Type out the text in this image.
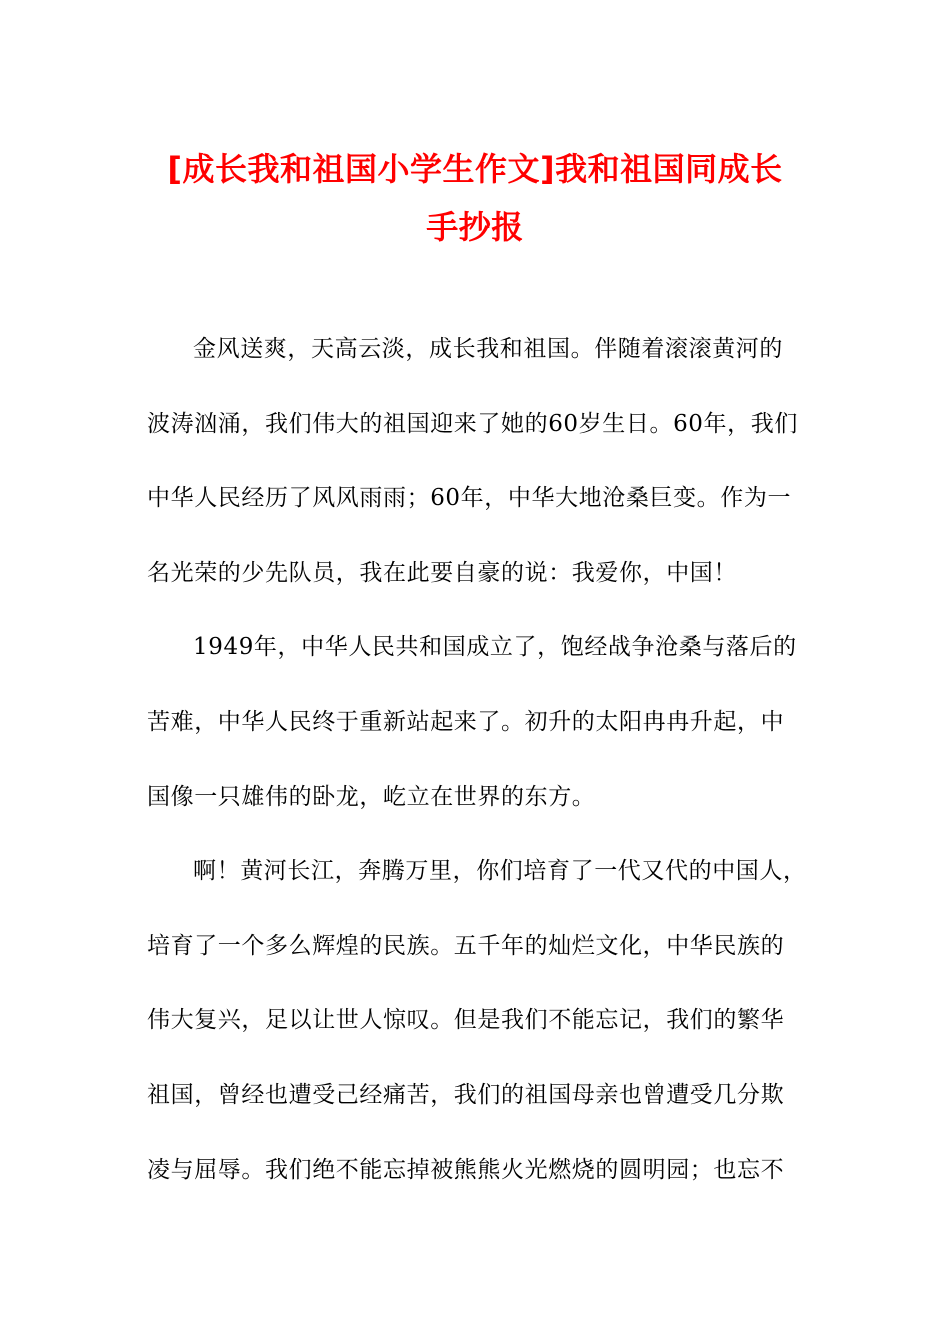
[成长我和祖国小学生作文]我和祖国同成长
手抄报
金风送爽，天高云淡，成长我和祖国。伴随着滚滚黄河的
波涛汹涌，我们伟大的祖国迎来了她的60岁生日。60年，我们
中华人民经历了风风雨雨；60年，中华大地沧桑巨变。作为一
名光荣的少先队员，我在此要自豪的说：我爱你，中国！
1949年，中华人民共和国成立了，饱经战争沧桑与落后的
苦难，中华人民终于重新站起来了。初升的太阳冉冉升起，中
国像一只雄伟的卧龙，屹立在世界的东方。
啊！黄河长江，奔腾万里，你们培育了一代又代的中国人，
培育了一个多么辉煌的民族。五千年的灿烂文化，中华民族的
伟大复兴，足以让世人惊叹。但是我们不能忘记，我们的繁华
祖国，曾经也遭受己经痛苦，我们的祖国母亲也曾遭受几分欺
凌与屈辱。我们绝不能忘掉被熊熊火光燃烧的圆明园；也忘不
